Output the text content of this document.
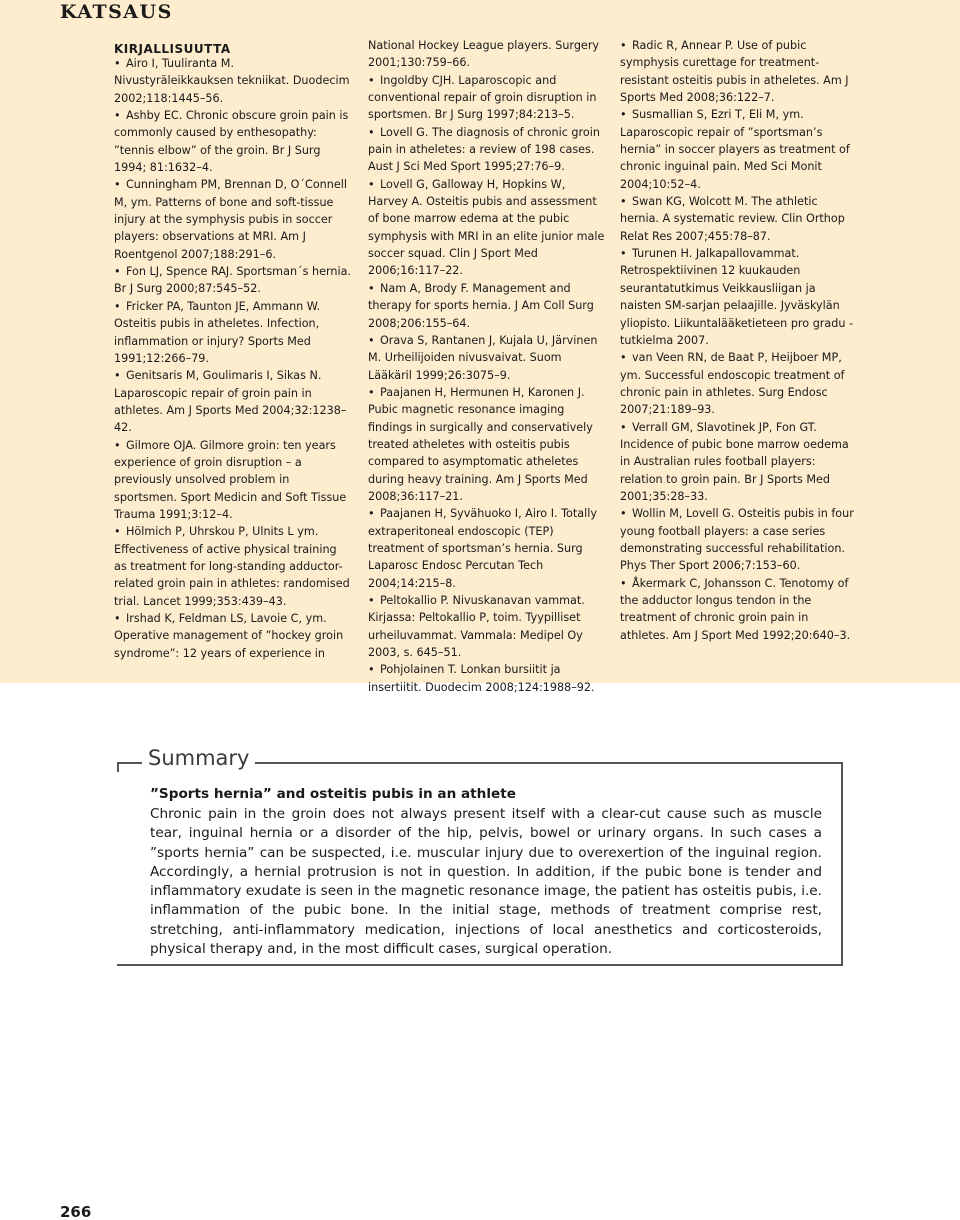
KATSAUS
KIRJALLISUUTTA

• Airo I, Tuuliranta M. Nivustyräleikkauksen tekniikat. Duodecim 2002;118:1445–56.

• Ashby EC. Chronic obscure groin pain is commonly caused by enthesopathy: ”tennis elbow” of the groin. Br J Surg 1994; 81:1632–4.

• Cunningham PM, Brennan D, O´Connell M, ym. Patterns of bone and soft-tissue injury at the symphysis pubis in soccer players: observations at MRI. Am J Roentgenol 2007;188:291–6.

• Fon LJ, Spence RAJ. Sportsman´s hernia. Br J Surg 2000;87:545–52.

• Fricker PA, Taunton JE, Ammann W. Osteitis pubis in atheletes. Infection, inflammation or injury? Sports Med 1991;12:266–79.

• Genitsaris M, Goulimaris I, Sikas N. Laparoscopic repair of groin pain in athletes. Am J Sports Med 2004;32:1238–42.

• Gilmore OJA. Gilmore groin: ten years experience of groin disruption – a previously unsolved problem in sportsmen. Sport Medicin and Soft Tissue Trauma 1991;3:12–4.

• Hölmich P, Uhrskou P, Ulnits L ym. Effectiveness of active physical training as treatment for long-standing adductor-related groin pain in athletes: randomised trial. Lancet 1999;353:439–43.

• Irshad K, Feldman LS, Lavoie C, ym. Operative management of ”hockey groin syndrome”: 12 years of experience in

National Hockey League players. Surgery 2001;130:759–66.

• Ingoldby CJH. Laparoscopic and conventional repair of groin disruption in sportsmen. Br J Surg 1997;84:213–5.

• Lovell G. The diagnosis of chronic groin pain in atheletes: a review of 198 cases. Aust J Sci Med Sport 1995;27:76–9.

• Lovell G, Galloway H, Hopkins W, Harvey A. Osteitis pubis and assessment of bone marrow edema at the pubic symphysis with MRI in an elite junior male soccer squad. Clin J Sport Med 2006;16:117–22.

• Nam A, Brody F. Management and therapy for sports hernia. J Am Coll Surg 2008;206:155–64.

• Orava S, Rantanen J, Kujala U, Järvinen M. Urheilijoiden nivusvaivat. Suom Lääkäril 1999;26:3075–9.

• Paajanen H, Hermunen H, Karonen J. Pubic magnetic resonance imaging findings in surgically and conservatively treated atheletes with osteitis pubis compared to asymptomatic atheletes during heavy training. Am J Sports Med 2008;36:117–21.

• Paajanen H, Syvähuoko I, Airo I. Totally extraperitoneal endoscopic (TEP) treatment of sportsman’s hernia. Surg Laparosc Endosc Percutan Tech 2004;14:215–8.

• Peltokallio P. Nivuskanavan vammat. Kirjassa: Peltokallio P, toim. Tyypilliset urheiluvammat. Vammala: Medipel Oy 2003, s. 645–51.

• Pohjolainen T. Lonkan bursiitit ja insertiitit. Duodecim 2008;124:1988–92.

• Radic R, Annear P. Use of pubic symphysis curettage for treatment-resistant osteitis pubis in atheletes. Am J Sports Med 2008;36:122–7.

• Susmallian S, Ezri T, Eli M, ym. Laparoscopic repair of ”sportsman’s hernia” in soccer players as treatment of chronic inguinal pain. Med Sci Monit 2004;10:52–4.

• Swan KG, Wolcott M. The athletic hernia. A systematic review. Clin Orthop Relat Res 2007;455:78–87.

• Turunen H. Jalkapallovammat. Retrospektiivinen 12 kuukauden seurantatutkimus Veikkausliigan ja naisten SM-sarjan pelaajille. Jyväskylän yliopisto. Liikuntalääketieteen pro gradu -tutkielma 2007.

• van Veen RN, de Baat P, Heijboer MP, ym. Successful endoscopic treatment of chronic pain in athletes. Surg Endosc 2007;21:189–93.

• Verrall GM, Slavotinek JP, Fon GT. Incidence of pubic bone marrow oedema in Australian rules football players: relation to groin pain. Br J Sports Med 2001;35:28–33.

• Wollin M, Lovell G. Osteitis pubis in four young football players: a case series demonstrating successful rehabilitation. Phys Ther Sport 2006;7:153–60.

• Åkermark C, Johansson C. Tenotomy of the adductor longus tendon in the treatment of chronic groin pain in athletes. Am J Sport Med 1992;20:640–3.

Summary
”Sports hernia” and osteitis pubis in an athlete
Chronic pain in the groin does not always present itself with a clear-cut cause such as muscle tear, inguinal hernia or a disorder of the hip, pelvis, bowel or urinary organs. In such cases a ”sports hernia” can be suspected, i.e. muscular injury due to overexertion of the inguinal region. Accordingly, a hernial protrusion is not in question. In addition, if the pubic bone is tender and inflammatory exudate is seen in the magnetic resonance image, the patient has osteitis pubis, i.e. inflammation of the pubic bone. In the initial stage, methods of treatment comprise rest, stretching, anti-inflammatory medication, injections of local anesthetics and corticosteroids, physical therapy and, in the most difficult cases, surgical operation.
266
